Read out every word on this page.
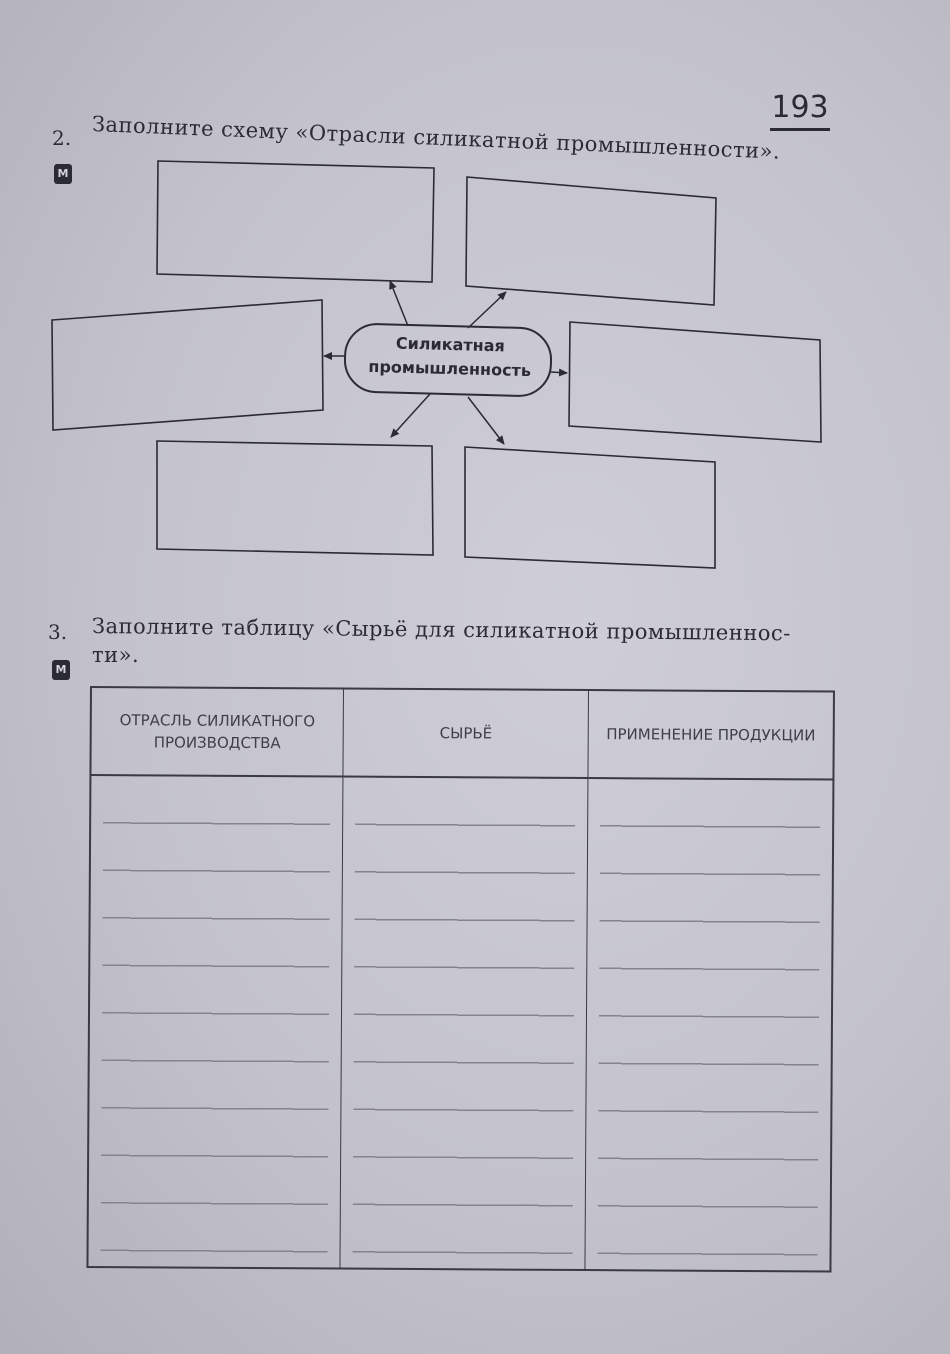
193
2.
M
Заполните схему «Отрасли силикатной промышленности».
Силикатная
промышленность
3.
M
Заполните таблицу «Сырьё для силикатной промышленнос-
ти».
ОТРАСЛЬ СИЛИКАТНОГО ПРОИЗВОДСТВА	СЫРЬЁ	ПРИМЕНЕНИЕ ПРОДУКЦИИ
